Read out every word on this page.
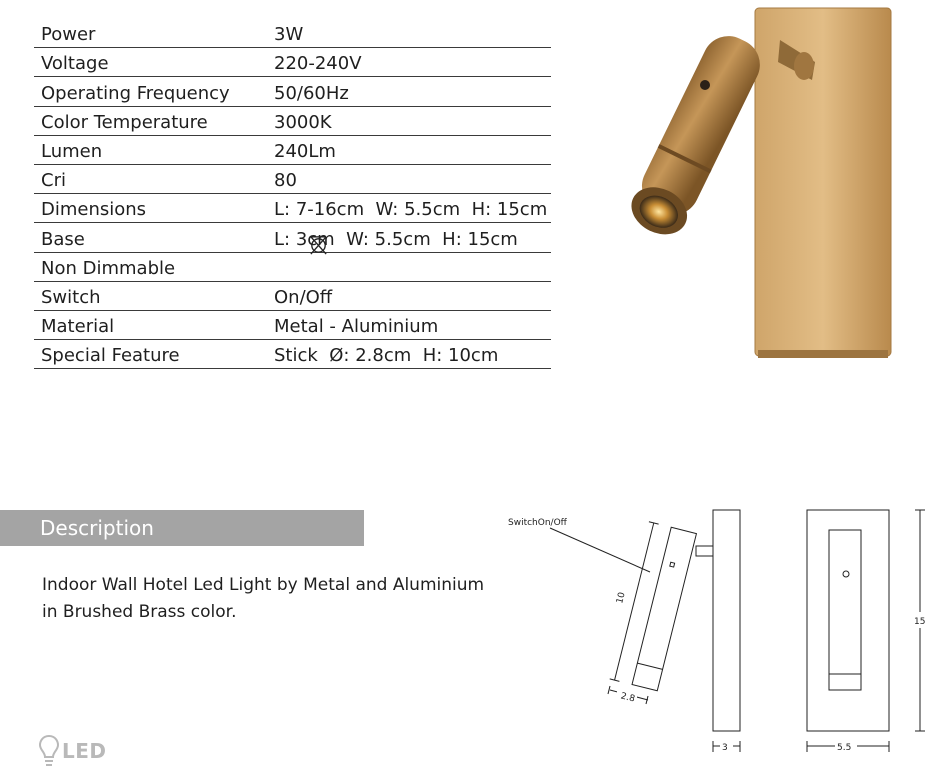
Power	3W
Voltage	220-240V
Operating Frequency	50/60Hz
Color Temperature	3000K
Lumen	240Lm
Cri	80
Dimensions	L: 7-16cm  W: 5.5cm  H: 15cm
Base	L: 3cm  W: 5.5cm  H: 15cm
Non Dimmable

Switch	On/Off
Material	Metal - Aluminium
Special Feature	Stick  Ø: 2.8cm  H: 10cm
Description
Indoor Wall Hotel Led Light by Metal and Aluminium
in Brushed Brass color.
SwitchOn/Off
10
2.8
3	5.5
15
LED
